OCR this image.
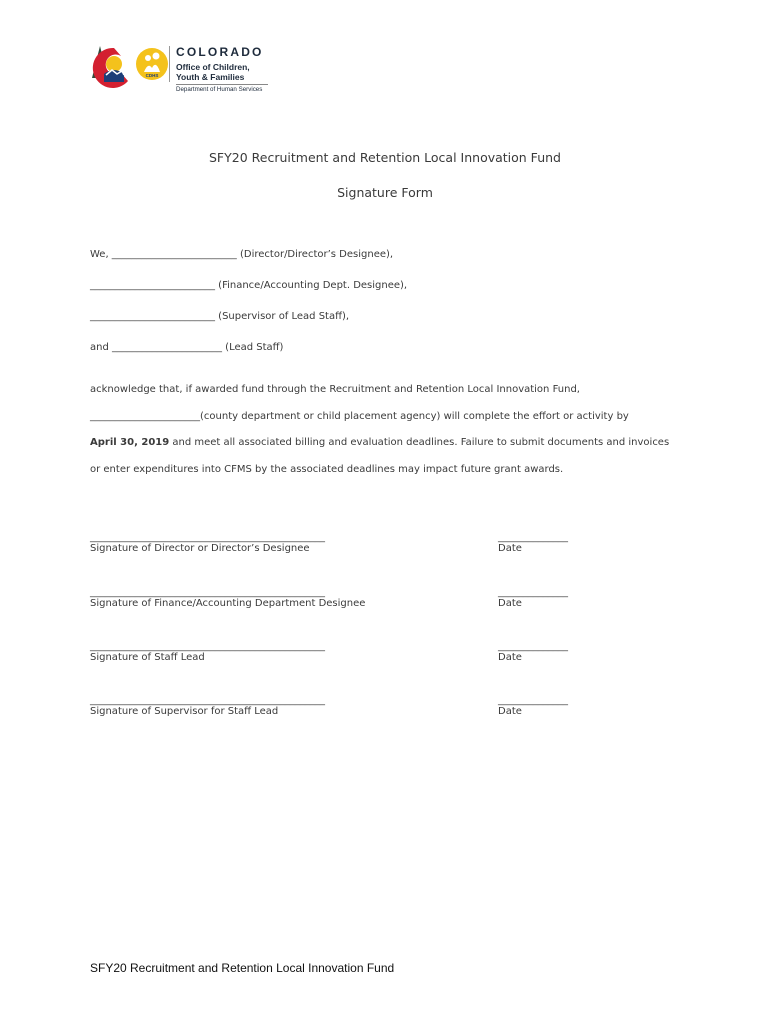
CDHS
COLORADO
Office of Children,
Youth & Families
Department of Human Services
SFY20 Recruitment and Retention Local Innovation Fund
Signature Form
We, _________________________ (Director/Director’s Designee),
_________________________ (Finance/Accounting Dept. Designee),
_________________________ (Supervisor of Lead Staff),
and ______________________ (Lead Staff)
acknowledge that, if awarded fund through the Recruitment and Retention Local Innovation Fund,
______________________(county department or child placement agency) will complete the effort or activity by
April 30, 2019 and meet all associated billing and evaluation deadlines. Failure to submit documents and invoices
or enter expenditures into CFMS by the associated deadlines may impact future grant awards.
_______________________________________________
Signature of Director or Director’s Designee
______________
Date
_______________________________________________
Signature of Finance/Accounting Department Designee
______________
Date
_______________________________________________
Signature of Staff Lead
______________
Date
_______________________________________________
Signature of Supervisor for Staff Lead
______________
Date
SFY20 Recruitment and Retention Local Innovation Fund
